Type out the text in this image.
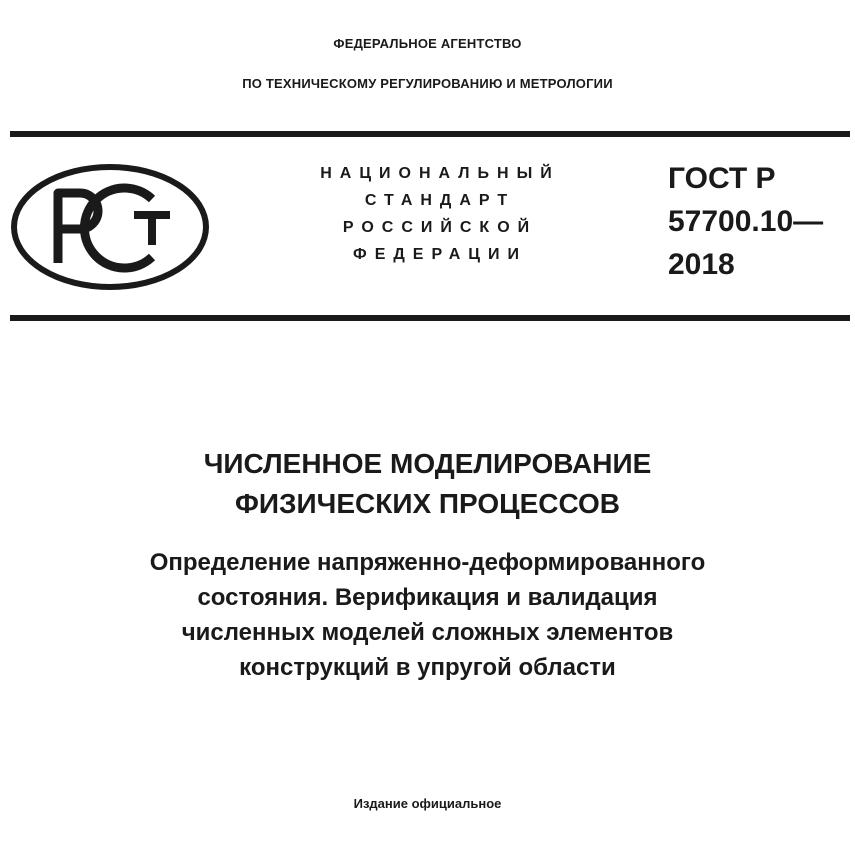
ФЕДЕРАЛЬНОЕ АГЕНТСТВО
ПО ТЕХНИЧЕСКОМУ РЕГУЛИРОВАНИЮ И МЕТРОЛОГИИ
НАЦИОНАЛЬНЫЙ
СТАНДАРТ
РОССИЙСКОЙ
ФЕДЕРАЦИИ
ГОСТ Р
57700.10—
2018
ЧИСЛЕННОЕ МОДЕЛИРОВАНИЕ
ФИЗИЧЕСКИХ ПРОЦЕССОВ
Определение напряженно-деформированного
состояния. Верификация и валидация
численных моделей сложных элементов
конструкций в упругой области
Издание официальное
